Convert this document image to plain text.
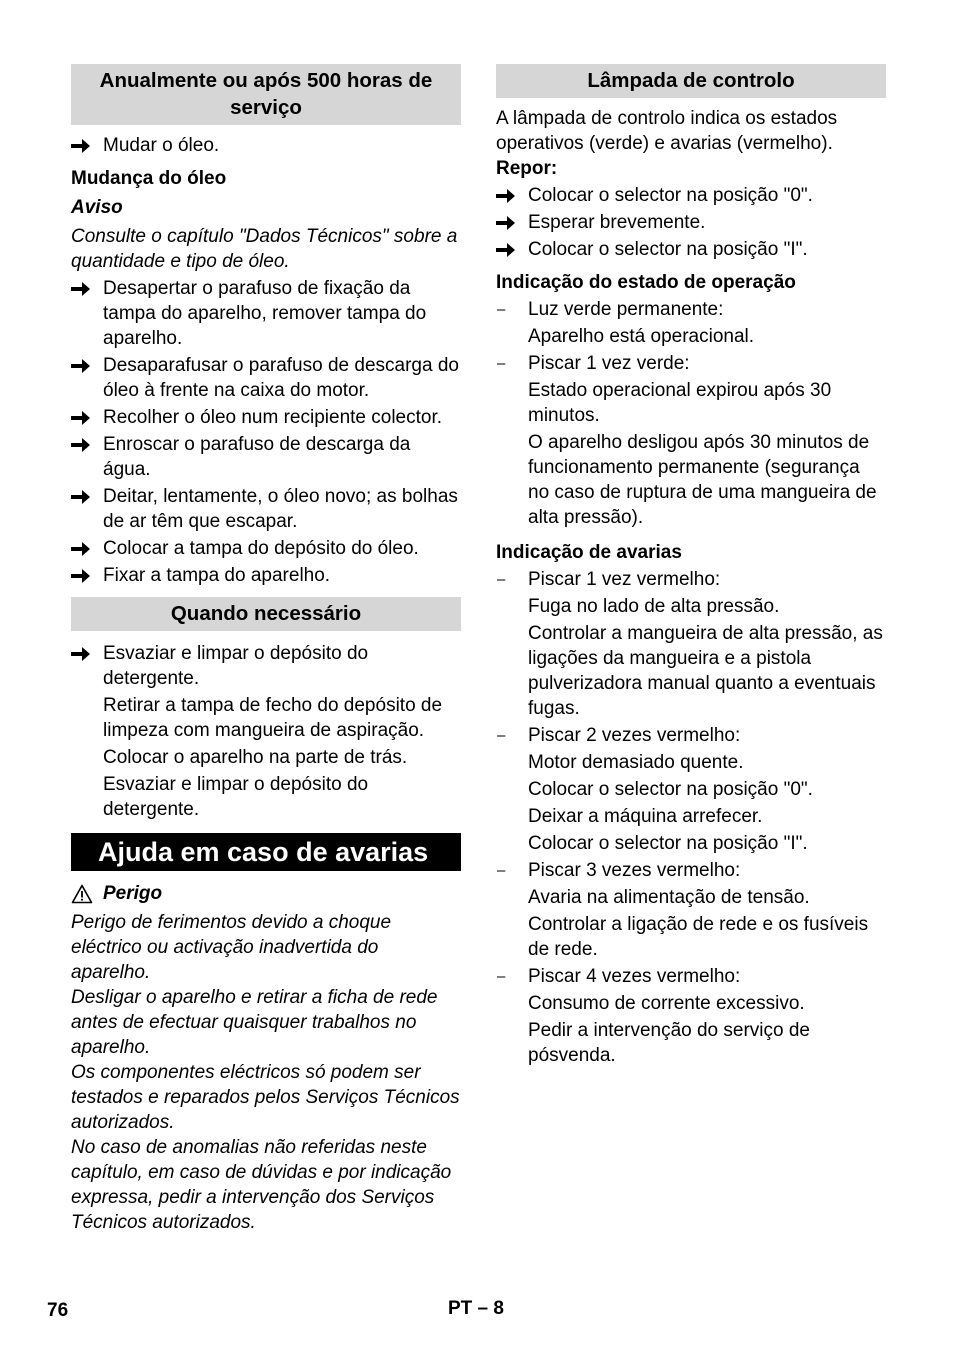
Anualmente ou após 500 horas de serviço
Mudar o óleo.
Mudança do óleo
Aviso
Consulte o capítulo "Dados Técnicos" sobre a quantidade e tipo de óleo.
Desapertar o parafuso de fixação da tampa do aparelho, remover tampa do aparelho.
Desaparafusar o parafuso de descarga do óleo à frente na caixa do motor.
Recolher o óleo num recipiente colector.
Enroscar o parafuso de descarga da água.
Deitar, lentamente, o óleo novo; as bolhas de ar têm que escapar.
Colocar a tampa do depósito do óleo.
Fixar a tampa do aparelho.
Quando necessário
Esvaziar e limpar o depósito do detergente.
Retirar a tampa de fecho do depósito de limpeza com mangueira de aspiração.
Colocar o aparelho na parte de trás.
Esvaziar e limpar o depósito do detergente.
Ajuda em caso de avarias
Perigo
Perigo de ferimentos devido a choque eléctrico ou activação inadvertida do aparelho.
Desligar o aparelho e retirar a ficha de rede antes de efectuar quaisquer trabalhos no aparelho.
Os componentes eléctricos só podem ser testados e reparados pelos Serviços Técnicos autorizados.
No caso de anomalias não referidas neste capítulo, em caso de dúvidas e por indicação expressa, pedir a intervenção dos Serviços Técnicos autorizados.
Lâmpada de controlo
A lâmpada de controlo indica os estados operativos (verde) e avarias (vermelho).
Repor:
Colocar o selector na posição "0".
Esperar brevemente.
Colocar o selector na posição "I".
Indicação do estado de operação
– Luz verde permanente:
Aparelho está operacional.
– Piscar 1 vez verde:
Estado operacional expirou após 30 minutos.
O aparelho desligou após 30 minutos de funcionamento permanente (segurança no caso de ruptura de uma mangueira de alta pressão).
Indicação de avarias
– Piscar 1 vez vermelho:
Fuga no lado de alta pressão.
Controlar a mangueira de alta pressão, as ligações da mangueira e a pistola pulverizadora manual quanto a eventuais fugas.
– Piscar 2 vezes vermelho:
Motor demasiado quente.
Colocar o selector na posição "0".
Deixar a máquina arrefecer.
Colocar o selector na posição "I".
– Piscar 3 vezes vermelho:
Avaria na alimentação de tensão.
Controlar a ligação de rede e os fusíveis de rede.
– Piscar 4 vezes vermelho:
Consumo de corrente excessivo.
Pedir a intervenção do serviço de pósvenda.
76	PT – 8
